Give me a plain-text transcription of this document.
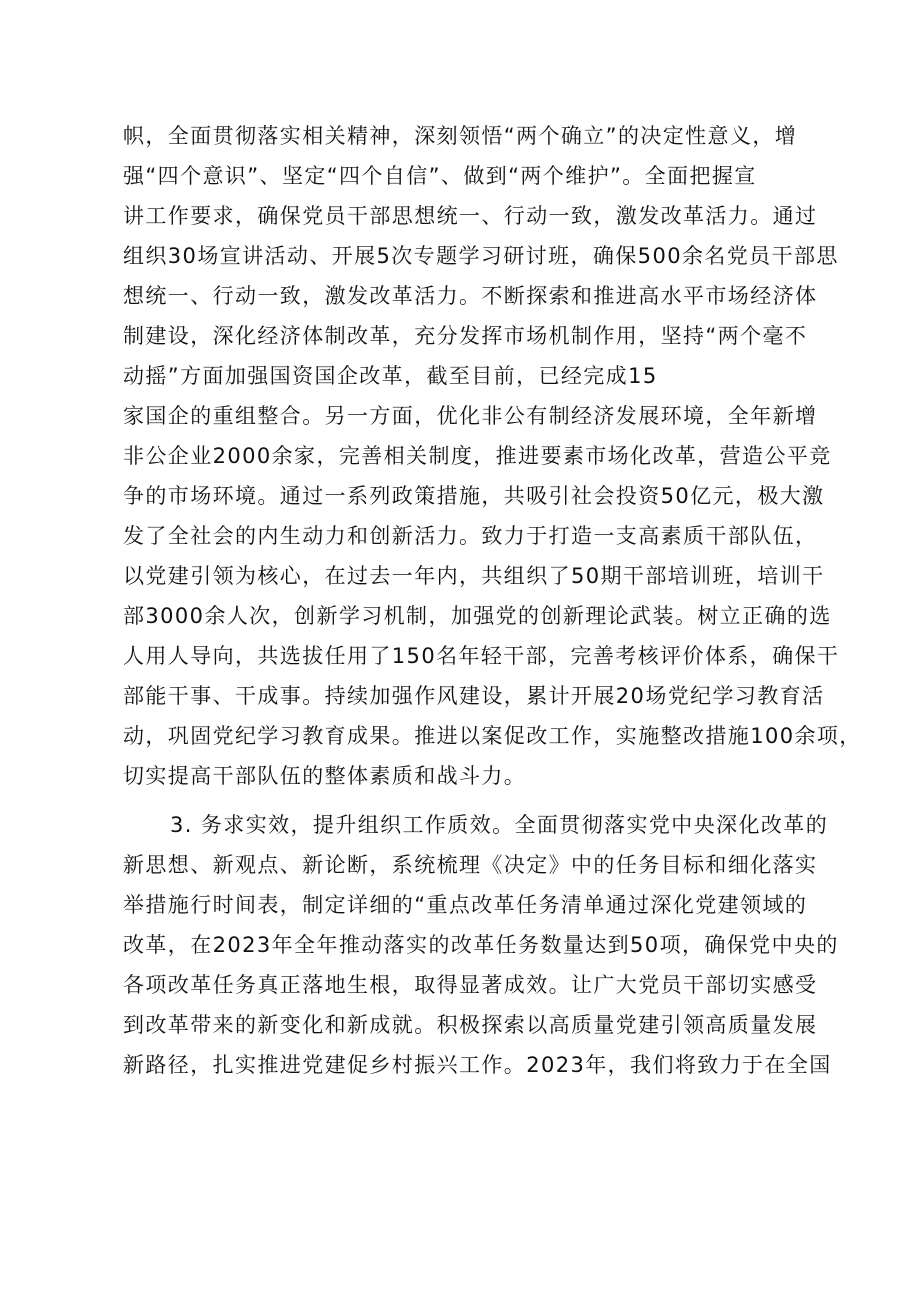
帜，全面贯彻落实相关精神，深刻领悟“两个确立”的决定性意义，增
强“四个意识”、坚定“四个自信”、做到“两个维护”。全面把握宣
讲工作要求，确保党员干部思想统一、行动一致，激发改革活力。通过
组织30场宣讲活动、开展5次专题学习研讨班，确保500余名党员干部思
想统一、行动一致，激发改革活力。不断探索和推进高水平市场经济体
制建设，深化经济体制改革，充分发挥市场机制作用，坚持“两个毫不
动摇”方面加强国资国企改革，截至目前，已经完成15
家国企的重组整合。另一方面，优化非公有制经济发展环境，全年新增
非公企业2000余家，完善相关制度，推进要素市场化改革，营造公平竞
争的市场环境。通过一系列政策措施，共吸引社会投资50亿元，极大激
发了全社会的内生动力和创新活力。致力于打造一支高素质干部队伍，
以党建引领为核心，在过去一年内，共组织了50期干部培训班，培训干
部3000余人次，创新学习机制，加强党的创新理论武装。树立正确的选
人用人导向，共选拔任用了150名年轻干部，完善考核评价体系，确保干
部能干事、干成事。持续加强作风建设，累计开展20场党纪学习教育活
动，巩固党纪学习教育成果。推进以案促改工作，实施整改措施100余项，
切实提高干部队伍的整体素质和战斗力。
3. 务求实效，提升组织工作质效。全面贯彻落实党中央深化改革的
新思想、新观点、新论断，系统梳理《决定》中的任务目标和细化落实
举措施行时间表，制定详细的“重点改革任务清单通过深化党建领域的
改革，在2023年全年推动落实的改革任务数量达到50项，确保党中央的
各项改革任务真正落地生根，取得显著成效。让广大党员干部切实感受
到改革带来的新变化和新成就。积极探索以高质量党建引领高质量发展
新路径，扎实推进党建促乡村振兴工作。2023年，我们将致力于在全国
